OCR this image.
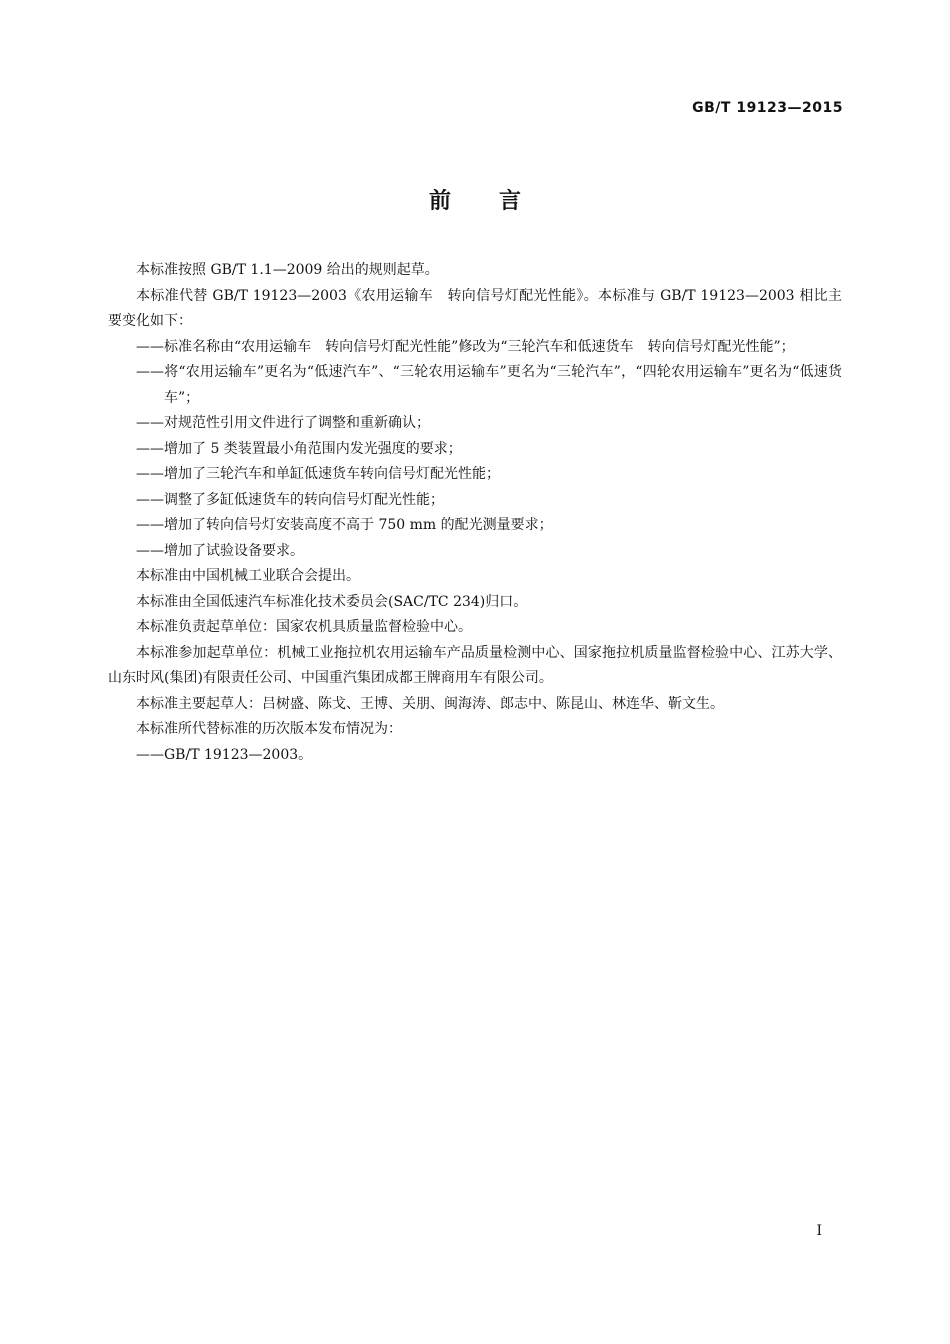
GB/T 19123—2015
前言

本标准按照 GB/T 1.1—2009 给出的规则起草。

本标准代替 GB/T 19123—2003《农用运输车　转向信号灯配光性能》。本标准与 GB/T 19123—2003 相比主要变化如下：

——标准名称由“农用运输车　转向信号灯配光性能”修改为“三轮汽车和低速货车　转向信号灯配光性能”；

——将“农用运输车”更名为“低速汽车”、“三轮农用运输车”更名为“三轮汽车”，“四轮农用运输车”更名为“低速货车”；

——对规范性引用文件进行了调整和重新确认；

——增加了 5 类装置最小角范围内发光强度的要求；

——增加了三轮汽车和单缸低速货车转向信号灯配光性能；

——调整了多缸低速货车的转向信号灯配光性能；

——增加了转向信号灯安装高度不高于 750 mm 的配光测量要求；

——增加了试验设备要求。

本标准由中国机械工业联合会提出。

本标准由全国低速汽车标准化技术委员会(SAC/TC 234)归口。

本标准负责起草单位：国家农机具质量监督检验中心。

本标准参加起草单位：机械工业拖拉机农用运输车产品质量检测中心、国家拖拉机质量监督检验中心、江苏大学、山东时风(集团)有限责任公司、中国重汽集团成都王牌商用车有限公司。

本标准主要起草人：吕树盛、陈戈、王博、关朋、闽海涛、郎志中、陈昆山、林连华、靳文生。

本标准所代替标准的历次版本发布情况为：

——GB/T 19123—2003。

I
